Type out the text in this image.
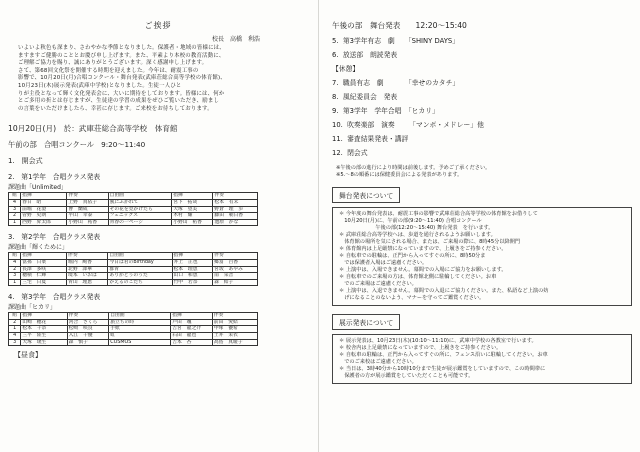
ご挨拶
校長　高橋　利浩
いよいよ秋色も深まり、さわやかな季節となりました。保護者・地域の皆様には、
ますますご健勝のこととお慶び申し上げます。また、平素より本校の教育活動に、
ご理解ご協力を賜り、誠にありがとうございます。深く感謝申し上げます。
さて、第68回文化祭を開催する時期を迎えました。今年は、耐震工事の
影響で、10月20日(月)合唱コンクール・舞台発表(武庫荘総合高等学校の体育館)、
10月23日(木)展示発表(武庫中学校)となりました。生徒一人ひと
りが主役となって輝く文化発表会に、大いに期待をしております。皆様には、何か
とご多用の折とは存じますが、生徒達の学習の成果をぜひご覧いただき、励まし
の言葉をいただけましたら、幸甚に存じます。ご来校をお待ちしております。
10月20日(月)　於：武庫荘総合高等学校　体育館
午前の部　合唱コンクール　9:20～11:40
1.　開会式
2.　第1学年　合唱クラス発表
課題曲「Unlimited」
組	指揮	伴奏	自由曲	指揮	伴奏
4	春日　昭	上野　真依子	風にふかれて	宮下　拓哉	松本　有未
3	前堀　花澄	曹　蘭成	その花を見かけたら	大塚　望美	野倉　理　歩
2	菅野　史朗	平山　幸泰	フェニックス	木村　耀	藤田　朝日香
1	西野　昇太郎	小野山　祐香	青春の一ページ	小野山　祐香	池原　かな
3.　第2学年　合唱クラス発表
課題曲「輝くために」
組	指揮	伴奏	自由曲	指揮	伴奏
4	富孫　日菜	堀内　絢香	今日は君のBirthday	井上　正也	郷富　百香
2	長澤　多咲	北野　澤華	群青	松本　理恵	宮坂　あやみ
3	穂積　仁輝	境本　いおは	ありがとうのうた	山口　和恵	南　采音
1	三宅　日夏	青山　理恵	かえるのこだち	竹中　若奈	森　結子
4.　第3学年　合唱クラス発表
課題曲「ヒカリ」
組	指揮	伴奏	自由曲	指揮	伴奏
2	山崎　穂花	河合　さくら	旅立ちの時	戸田　颯	前田　愛結
1	松本　千奈	松崎　咲良	手紙	吉宮　龍之介	中塚　優希
4	三平　陸生	入江　千優	虹	石田　龍也	土井　茉衣
3	大塚　琉生	森　慎子	COSMOS	吉本　杏	高島　真暖子
【昼食】
午後の部　舞台発表　　12:20～15:40
5. 第3学年有志　劇 「SHINY DAYS」
6. 放送部　朗読発表
【休憩】
7. 職員有志　劇	「幸せのカタチ」
8. 風紀委員会　発表
9. 第3学年　学年合唱 「ヒカリ」
10. 吹奏楽部　演奏 「マンボ・メドレー」他
11. 審査結果発表・講評
12. 閉会式
※午後の部の進行により時間は前後します。予めご了承ください。
※5.～8の順番には保健委員会による発表があります。
舞台発表について
＊ 今年度の舞台発表は、耐震工事の影響で武庫荘総合高等学校の体育館をお借りして
　10月20日(月)に、午前の部(9:20～11:40) 合唱コンクール
　　　　　　　午後の部(12:20～15:40) 舞台発表　を行います。
＊ 武庫荘総合高等学校へは、歩道を通行されるようお願いします。
　体育館の場所を気にされる場合、または、ご来場の際に、8時45分以降開門
＊ 体育館内は上足厳禁になっていますので、上履きをご持参ください。
＊ 自転車での駐輪は、正門から入ってすぐの所に、8時50分ま
　では保護者入場はご遠慮ください。
＊ 上演中は、入場できません。幕間での入場にご協力をお願いします。
＊ 自転車でのご来場の方は、体育館北側に駐輪してください。お車
　でのご来場はご遠慮ください。
＊ 上演中は、入退できません。幕間での入退にご協力ください。また、私語など上演の妨
　げになることのないよう、マナーを守ってご鑑賞ください。
展示発表について
＊ 展示発表は、10月23日(木)(10:10～11:10)に、武庫中学校の各教室で行います。
＊ 校舎内は上足厳禁になっていますので、上履きをご持参ください。
＊ 自転車の駐輪は、正門から入ってすぐの所に、フェンス沿いに駐輪してください。お車
　でのご来校はご遠慮ください。
＊ 当日は、3時40分から10時10分まで生徒が展示鑑賞をしていますので、この時間帯に
　保護者の方が展示鑑賞をしていただくことも可能です。
